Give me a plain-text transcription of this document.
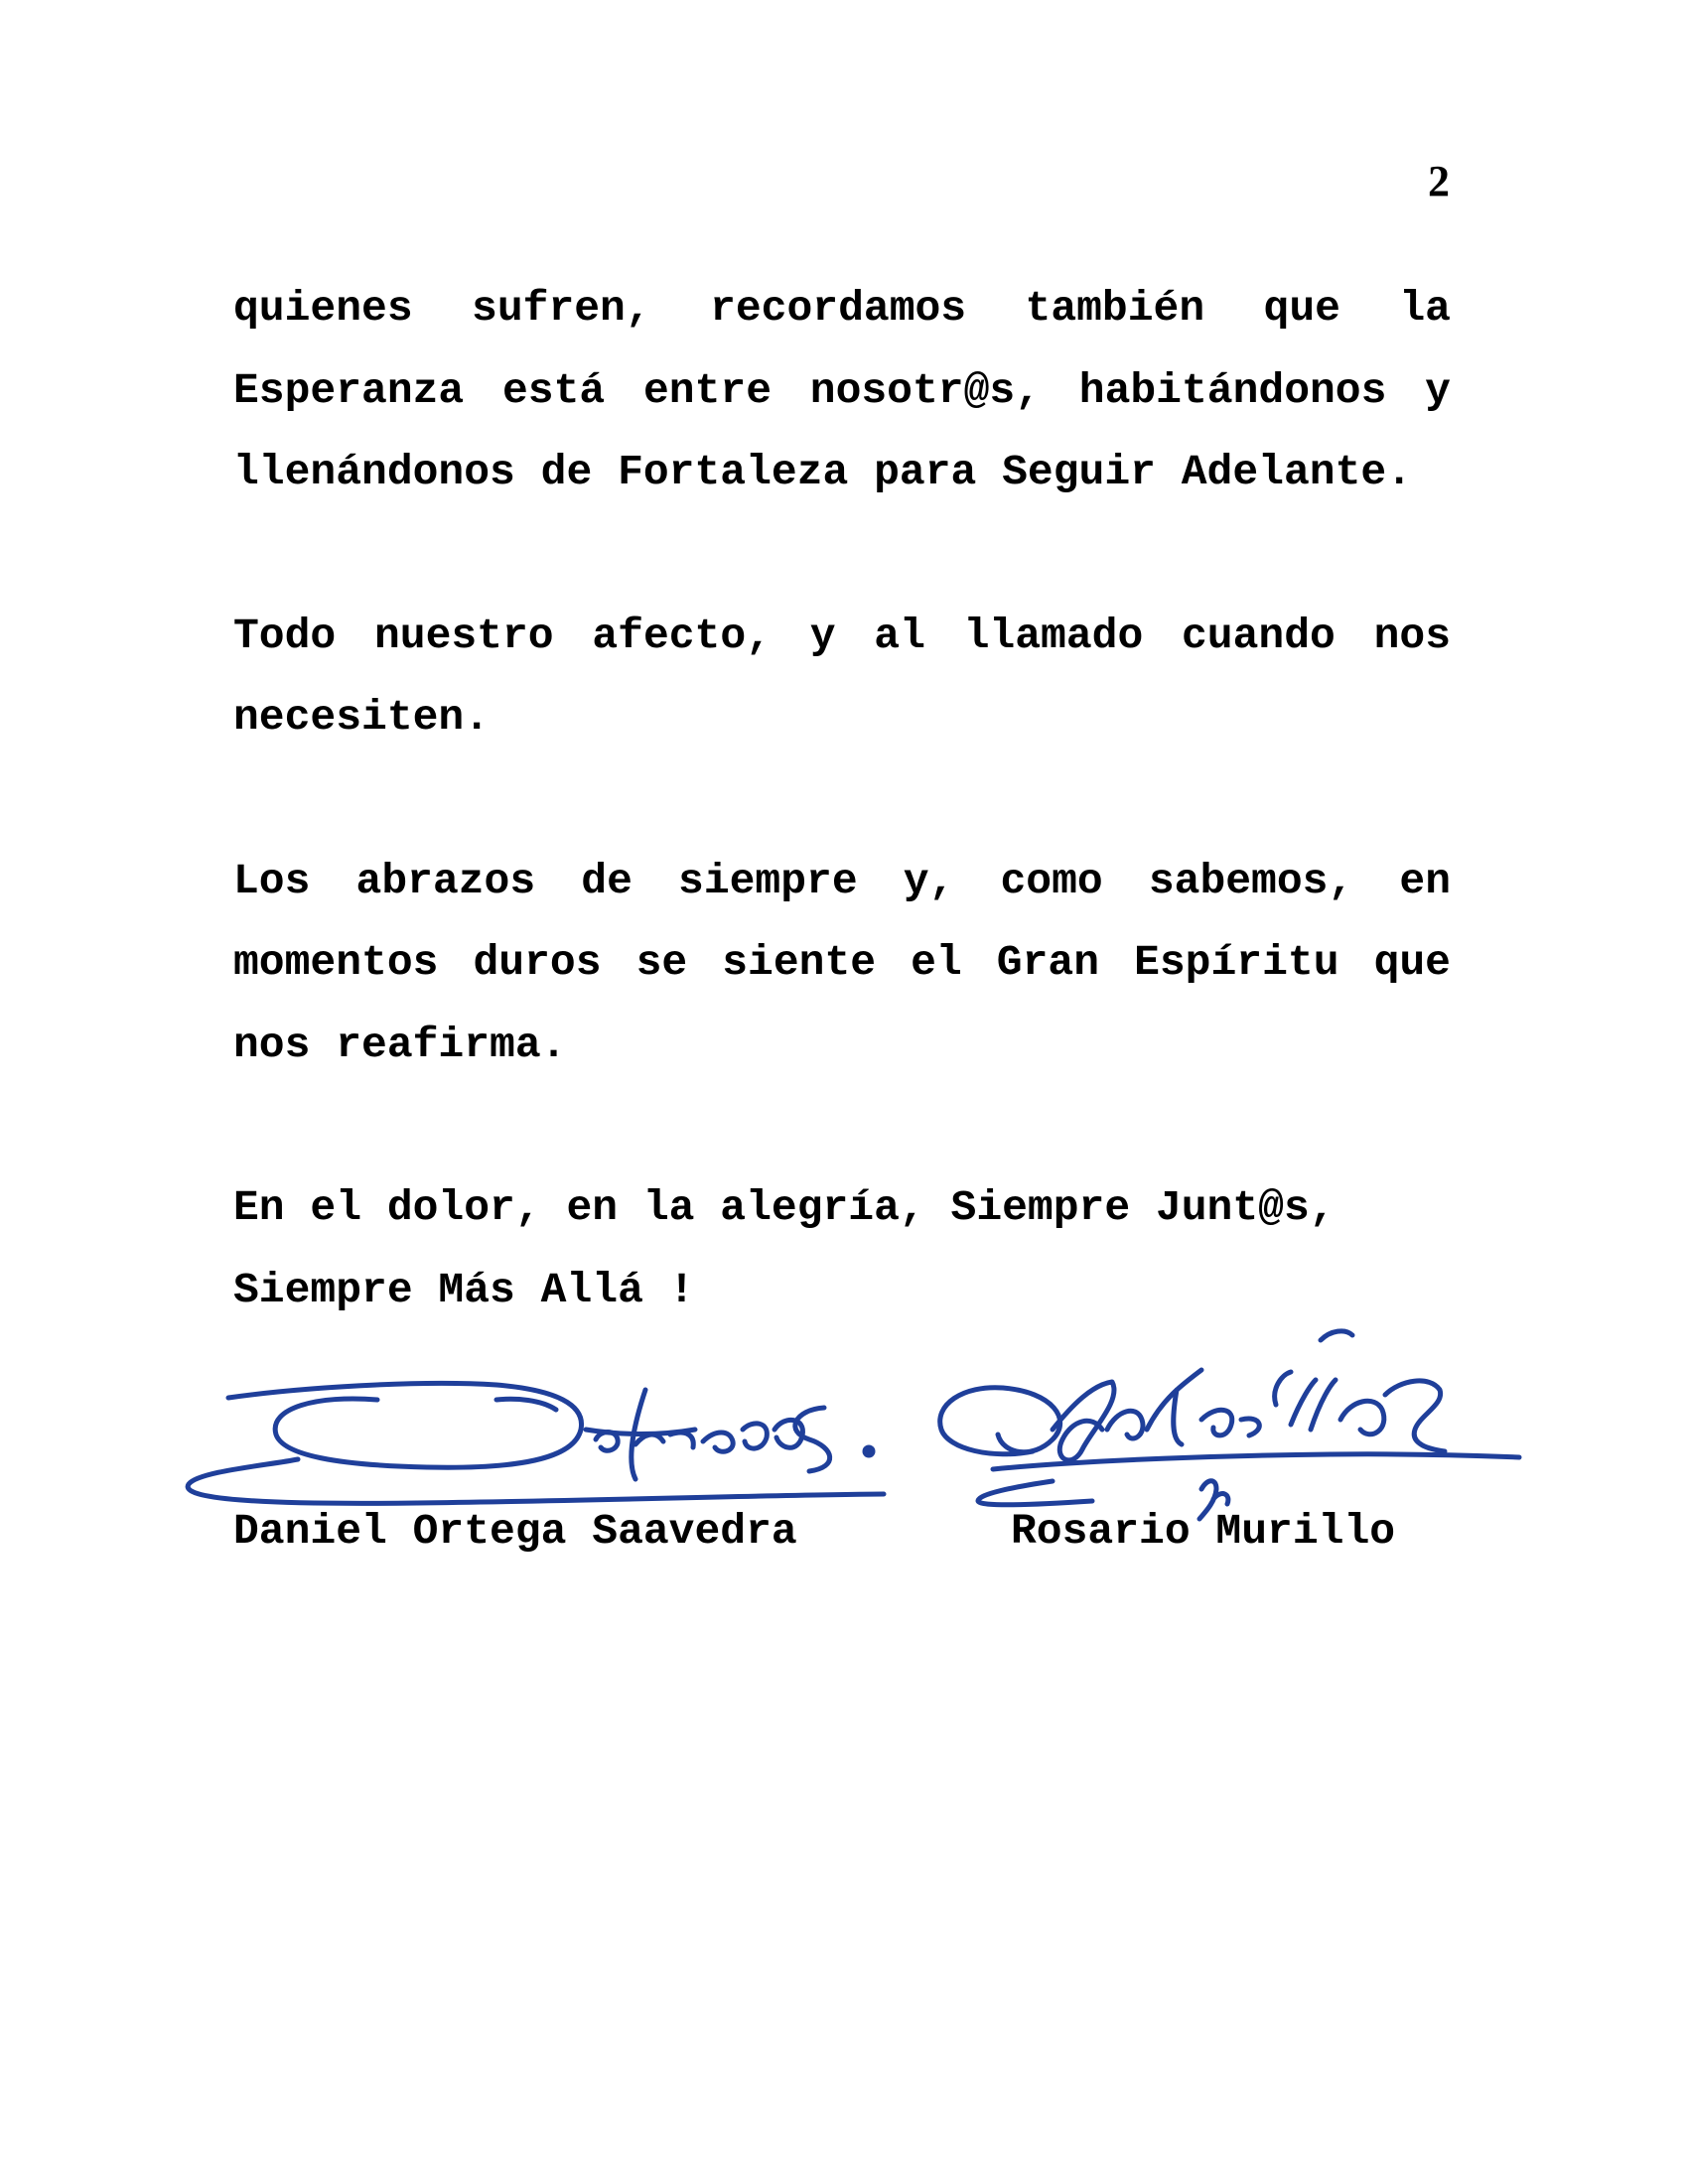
2

quienes sufren, recordamos también que la Esperanza está entre nosotr@s, habitándonos y llenándonos de Fortaleza para Seguir Adelante.

Todo nuestro afecto, y al llamado cuando nos necesiten.

Los abrazos de siempre y, como sabemos, en momentos duros se siente el Gran Espíritu que nos reafirma.

En el dolor, en la alegría, Siempre Junt@s, Siempre Más Allá !

Daniel Ortega Saavedra	Rosario Murillo
